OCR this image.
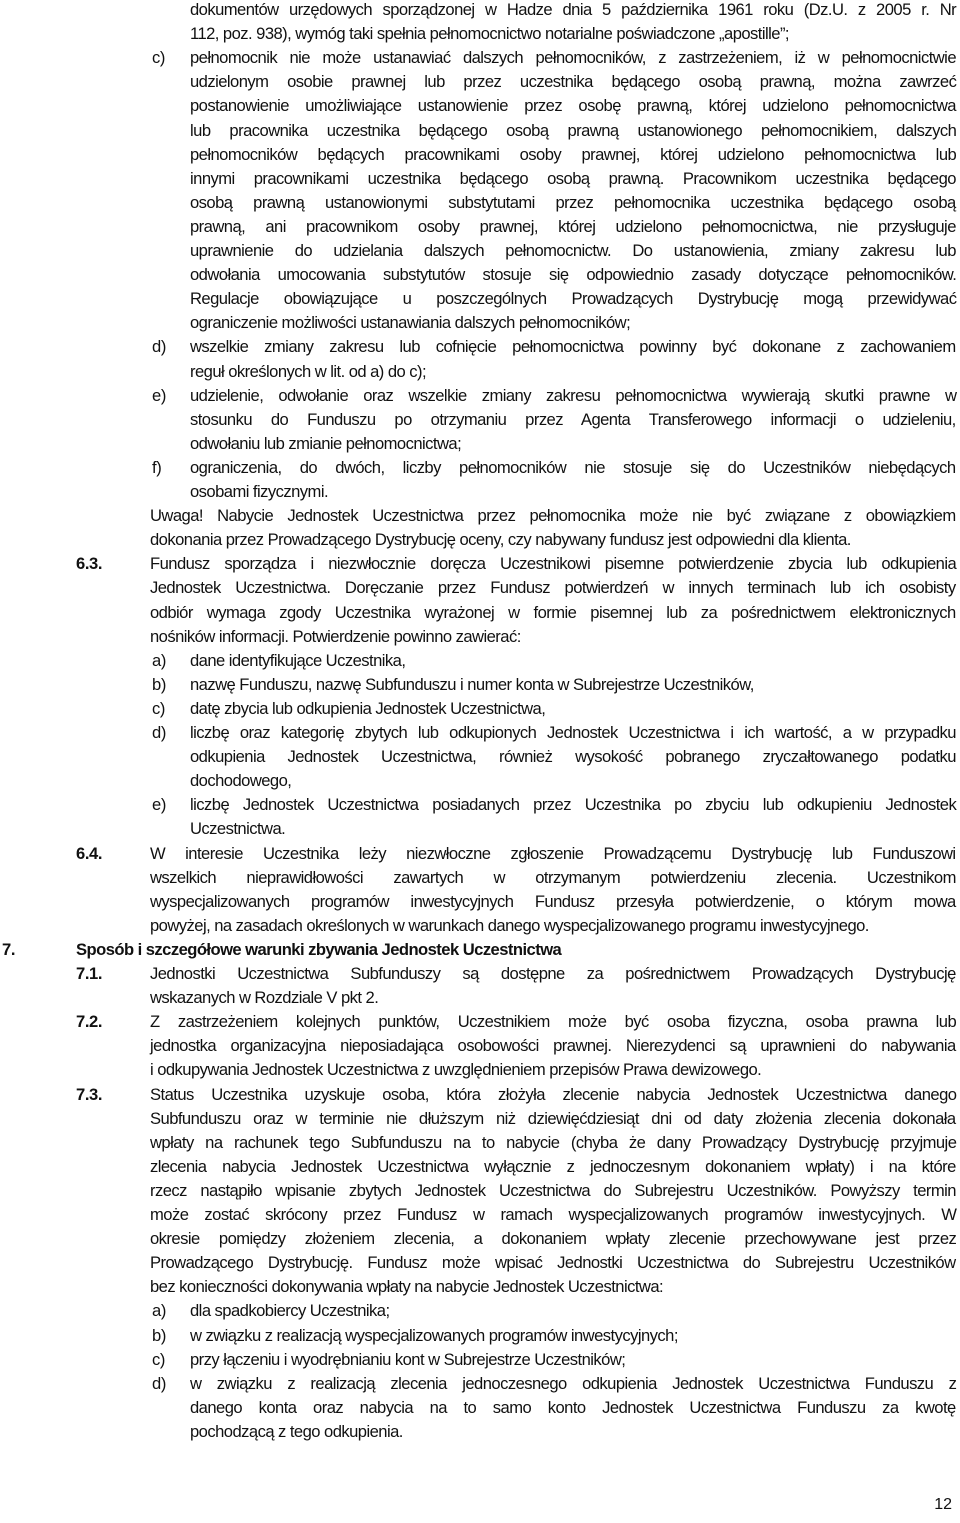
dokumentów urzędowych sporządzonej w Hadze dnia 5 października 1961 roku (Dz.U. z 2005 r. Nr
112, poz. 938), wymóg taki spełnia pełnomocnictwo notarialne poświadczone „apostille”;
c) pełnomocnik nie może ustanawiać dalszych pełnomocników, z zastrzeżeniem, iż w pełnomocnictwie
udzielonym osobie prawnej lub przez uczestnika będącego osobą prawną, można zawrzeć
postanowienie umożliwiające ustanowienie przez osobę prawną, której udzielono pełnomocnictwa
lub pracownika uczestnika będącego osobą prawną ustanowionego pełnomocnikiem, dalszych
pełnomocników będących pracownikami osoby prawnej, której udzielono pełnomocnictwa lub
innymi pracownikami uczestnika będącego osobą prawną. Pracownikom uczestnika będącego
osobą prawną ustanowionymi substytutami przez pełnomocnika uczestnika będącego osobą
prawną, ani pracownikom osoby prawnej, której udzielono pełnomocnictwa, nie przysługuje
uprawnienie do udzielania dalszych pełnomocnictw. Do ustanowienia, zmiany zakresu lub
odwołania umocowania substytutów stosuje się odpowiednio zasady dotyczące pełnomocników.
Regulacje obowiązujące u poszczególnych Prowadzących Dystrybucję mogą przewidywać
ograniczenie możliwości ustanawiania dalszych pełnomocników;
d) wszelkie zmiany zakresu lub cofnięcie pełnomocnictwa powinny być dokonane z zachowaniem
reguł określonych w lit. od a) do c);
e) udzielenie, odwołanie oraz wszelkie zmiany zakresu pełnomocnictwa wywierają skutki prawne w
stosunku do Funduszu po otrzymaniu przez Agenta Transferowego informacji o udzieleniu,
odwołaniu lub zmianie pełnomocnictwa;
f) ograniczenia, do dwóch, liczby pełnomocników nie stosuje się do Uczestników niebędących
osobami fizycznymi.
Uwaga! Nabycie Jednostek Uczestnictwa przez pełnomocnika może nie być związane z obowiązkiem
dokonania przez Prowadzącego Dystrybucję oceny, czy nabywany fundusz jest odpowiedni dla klienta.
6.3.	Fundusz sporządza i niezwłocznie doręcza Uczestnikowi pisemne potwierdzenie zbycia lub odkupienia
Jednostek Uczestnictwa. Doręczanie przez Fundusz potwierdzeń w innych terminach lub ich osobisty
odbiór wymaga zgody Uczestnika wyrażonej w formie pisemnej lub za pośrednictwem elektronicznych
nośników informacji. Potwierdzenie powinno zawierać:
a) dane identyfikujące Uczestnika,
b) nazwę Funduszu, nazwę Subfunduszu i numer konta w Subrejestrze Uczestników,
c) datę zbycia lub odkupienia Jednostek Uczestnictwa,
d) liczbę oraz kategorię zbytych lub odkupionych Jednostek Uczestnictwa i ich wartość, a w przypadku
odkupienia Jednostek Uczestnictwa, również wysokość pobranego zryczałtowanego podatku
dochodowego,
e) liczbę Jednostek Uczestnictwa posiadanych przez Uczestnika po zbyciu lub odkupieniu Jednostek
Uczestnictwa.
6.4.	W interesie Uczestnika leży niezwłoczne zgłoszenie Prowadzącemu Dystrybucję lub Funduszowi
wszelkich nieprawidłowości zawartych w otrzymanym potwierdzeniu zlecenia. Uczestnikom
wyspecjalizowanych programów inwestycyjnych Fundusz przesyła potwierdzenie, o którym mowa
powyżej, na zasadach określonych w warunkach danego wyspecjalizowanego programu inwestycyjnego.
7.	Sposób i szczegółowe warunki zbywania Jednostek Uczestnictwa
7.1.	Jednostki Uczestnictwa Subfunduszy są dostępne za pośrednictwem Prowadzących Dystrybucję
wskazanych w Rozdziale V pkt 2.
7.2.	Z zastrzeżeniem kolejnych punktów, Uczestnikiem może być osoba fizyczna, osoba prawna lub
jednostka organizacyjna nieposiadająca osobowości prawnej. Nierezydenci są uprawnieni do nabywania
i odkupywania Jednostek Uczestnictwa z uwzględnieniem przepisów Prawa dewizowego.
7.3.	Status Uczestnika uzyskuje osoba, która złożyła zlecenie nabycia Jednostek Uczestnictwa danego
Subfunduszu oraz w terminie nie dłuższym niż dziewięćdziesiąt dni od daty złożenia zlecenia dokonała
wpłaty na rachunek tego Subfunduszu na to nabycie (chyba że dany Prowadzący Dystrybucję przyjmuje
zlecenia nabycia Jednostek Uczestnictwa wyłącznie z jednoczesnym dokonaniem wpłaty) i na które
rzecz nastąpiło wpisanie zbytych Jednostek Uczestnictwa do Subrejestru Uczestników. Powyższy termin
może zostać skrócony przez Fundusz w ramach wyspecjalizowanych programów inwestycyjnych. W
okresie pomiędzy złożeniem zlecenia, a dokonaniem wpłaty zlecenie przechowywane jest przez
Prowadzącego Dystrybucję. Fundusz może wpisać Jednostki Uczestnictwa do Subrejestru Uczestników
bez konieczności dokonywania wpłaty na nabycie Jednostek Uczestnictwa:
a) dla spadkobiercy Uczestnika;
b) w związku z realizacją wyspecjalizowanych programów inwestycyjnych;
c) przy łączeniu i wyodrębnianiu kont w Subrejestrze Uczestników;
d) w związku z realizacją zlecenia jednoczesnego odkupienia Jednostek Uczestnictwa Funduszu z
danego konta oraz nabycia na to samo konto Jednostek Uczestnictwa Funduszu za kwotę
pochodzącą z tego odkupienia.
12
